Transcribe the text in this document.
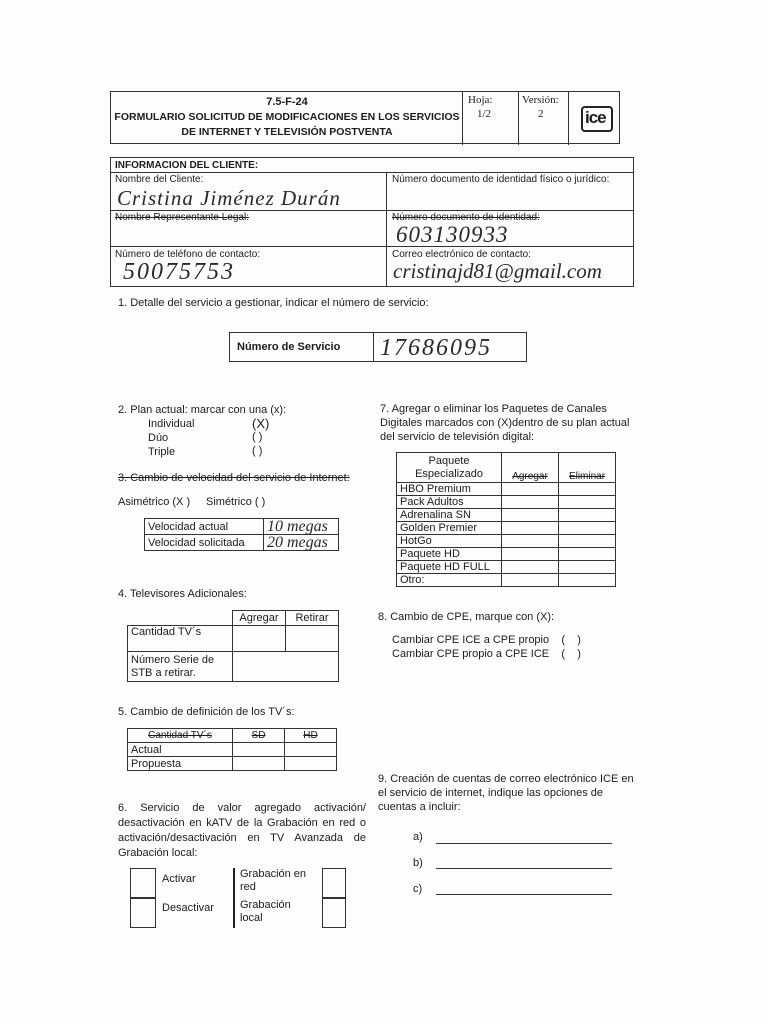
7.5-F-24
FORMULARIO SOLICITUD DE MODIFICACIONES EN LOS SERVICIOS
DE INTERNET Y TELEVISIÓN POSTVENTA
Hoja:
1/2
Versión:
2 ice
INFORMACION DEL CLIENTE:
Nombre del Cliente:
Cristina Jiménez Durán
Número documento de identidad físico o jurídico:
Nombre Representante Legal:	Número documento de identidad:
603130933
Número de teléfono de contacto:
50075753
Correo electrónico de contacto:
cristinajd81@gmail.com
1. Detalle del servicio a gestionar, indicar el número de servicio:
Número de Servicio 17686095
2. Plan actual: marcar con una (x):
Individual	(X)
Dúo	( )
Triple	( )
3. Cambio de velocidad del servicio de Internet:
Asimétrico (X ) Simétrico ( )
Velocidad actual	10 megas
Velocidad solicitada	20 megas
4. Televisores Adicionales:
	Agregar	Retirar
Cantidad TV´s		
Número Serie de STB a retirar.		
5. Cambio de definición de los TV´s:
Cantidad TV´s	SD	HD
Actual		
Propuesta		
6. Servicio de valor agregado activación/ desactivación en kATV de la Grabación en red o activación/desactivación en TV Avanzada de Grabación local:
Activar
Desactivar
Grabación en red
Grabación local
7. Agregar o eliminar los Paquetes de Canales Digitales marcados con (X)dentro de su plan actual del servicio de televisión digital:
Paquete Especializado	Agregar	Eliminar
HBO Premium		
Pack Adultos		
Adrenalina SN		
Golden Premier		
HotGo		
Paquete HD		
Paquete HD FULL		
Otro:		
8. Cambio de CPE, marque con (X):
Cambiar CPE ICE a CPE propio    (    )
Cambiar CPE propio a CPE ICE    (    )
9. Creación de cuentas de correo electrónico ICE en el servicio de internet, indique las opciones de cuentas a incluir:
a)
b)
c)
